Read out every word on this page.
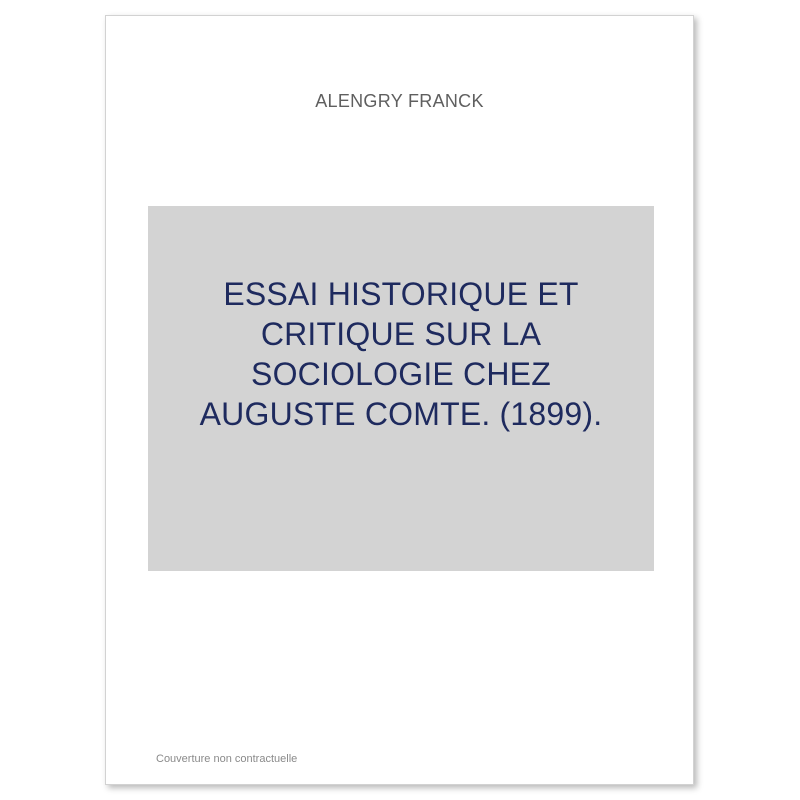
ALENGRY FRANCK
ESSAI HISTORIQUE ET
CRITIQUE SUR LA
SOCIOLOGIE CHEZ
AUGUSTE COMTE. (1899).
Couverture non contractuelle
